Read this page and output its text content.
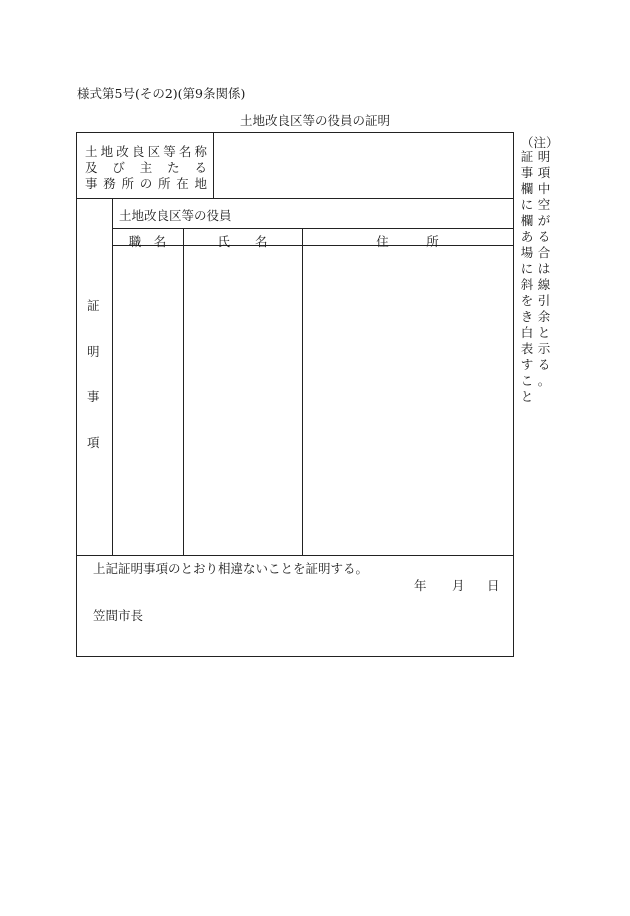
様式第5号(その2)(第9条関係)
土地改良区等の役員の証明
土地改良区等名称
及　び　主　た　る
事務所の所在地
証
明
事
項
土地改良区等の役員
職　名	氏　　名	住　　　所
上記証明事項のとおり相違ないことを証明する。
年 月 日
笠間市長
（注）
明
項
中
空
が
る
合
は
線
引
余
と
示
る
。
証
事
欄
に
欄
あ
場
に
斜
を
き
白
表
す
こ
と
